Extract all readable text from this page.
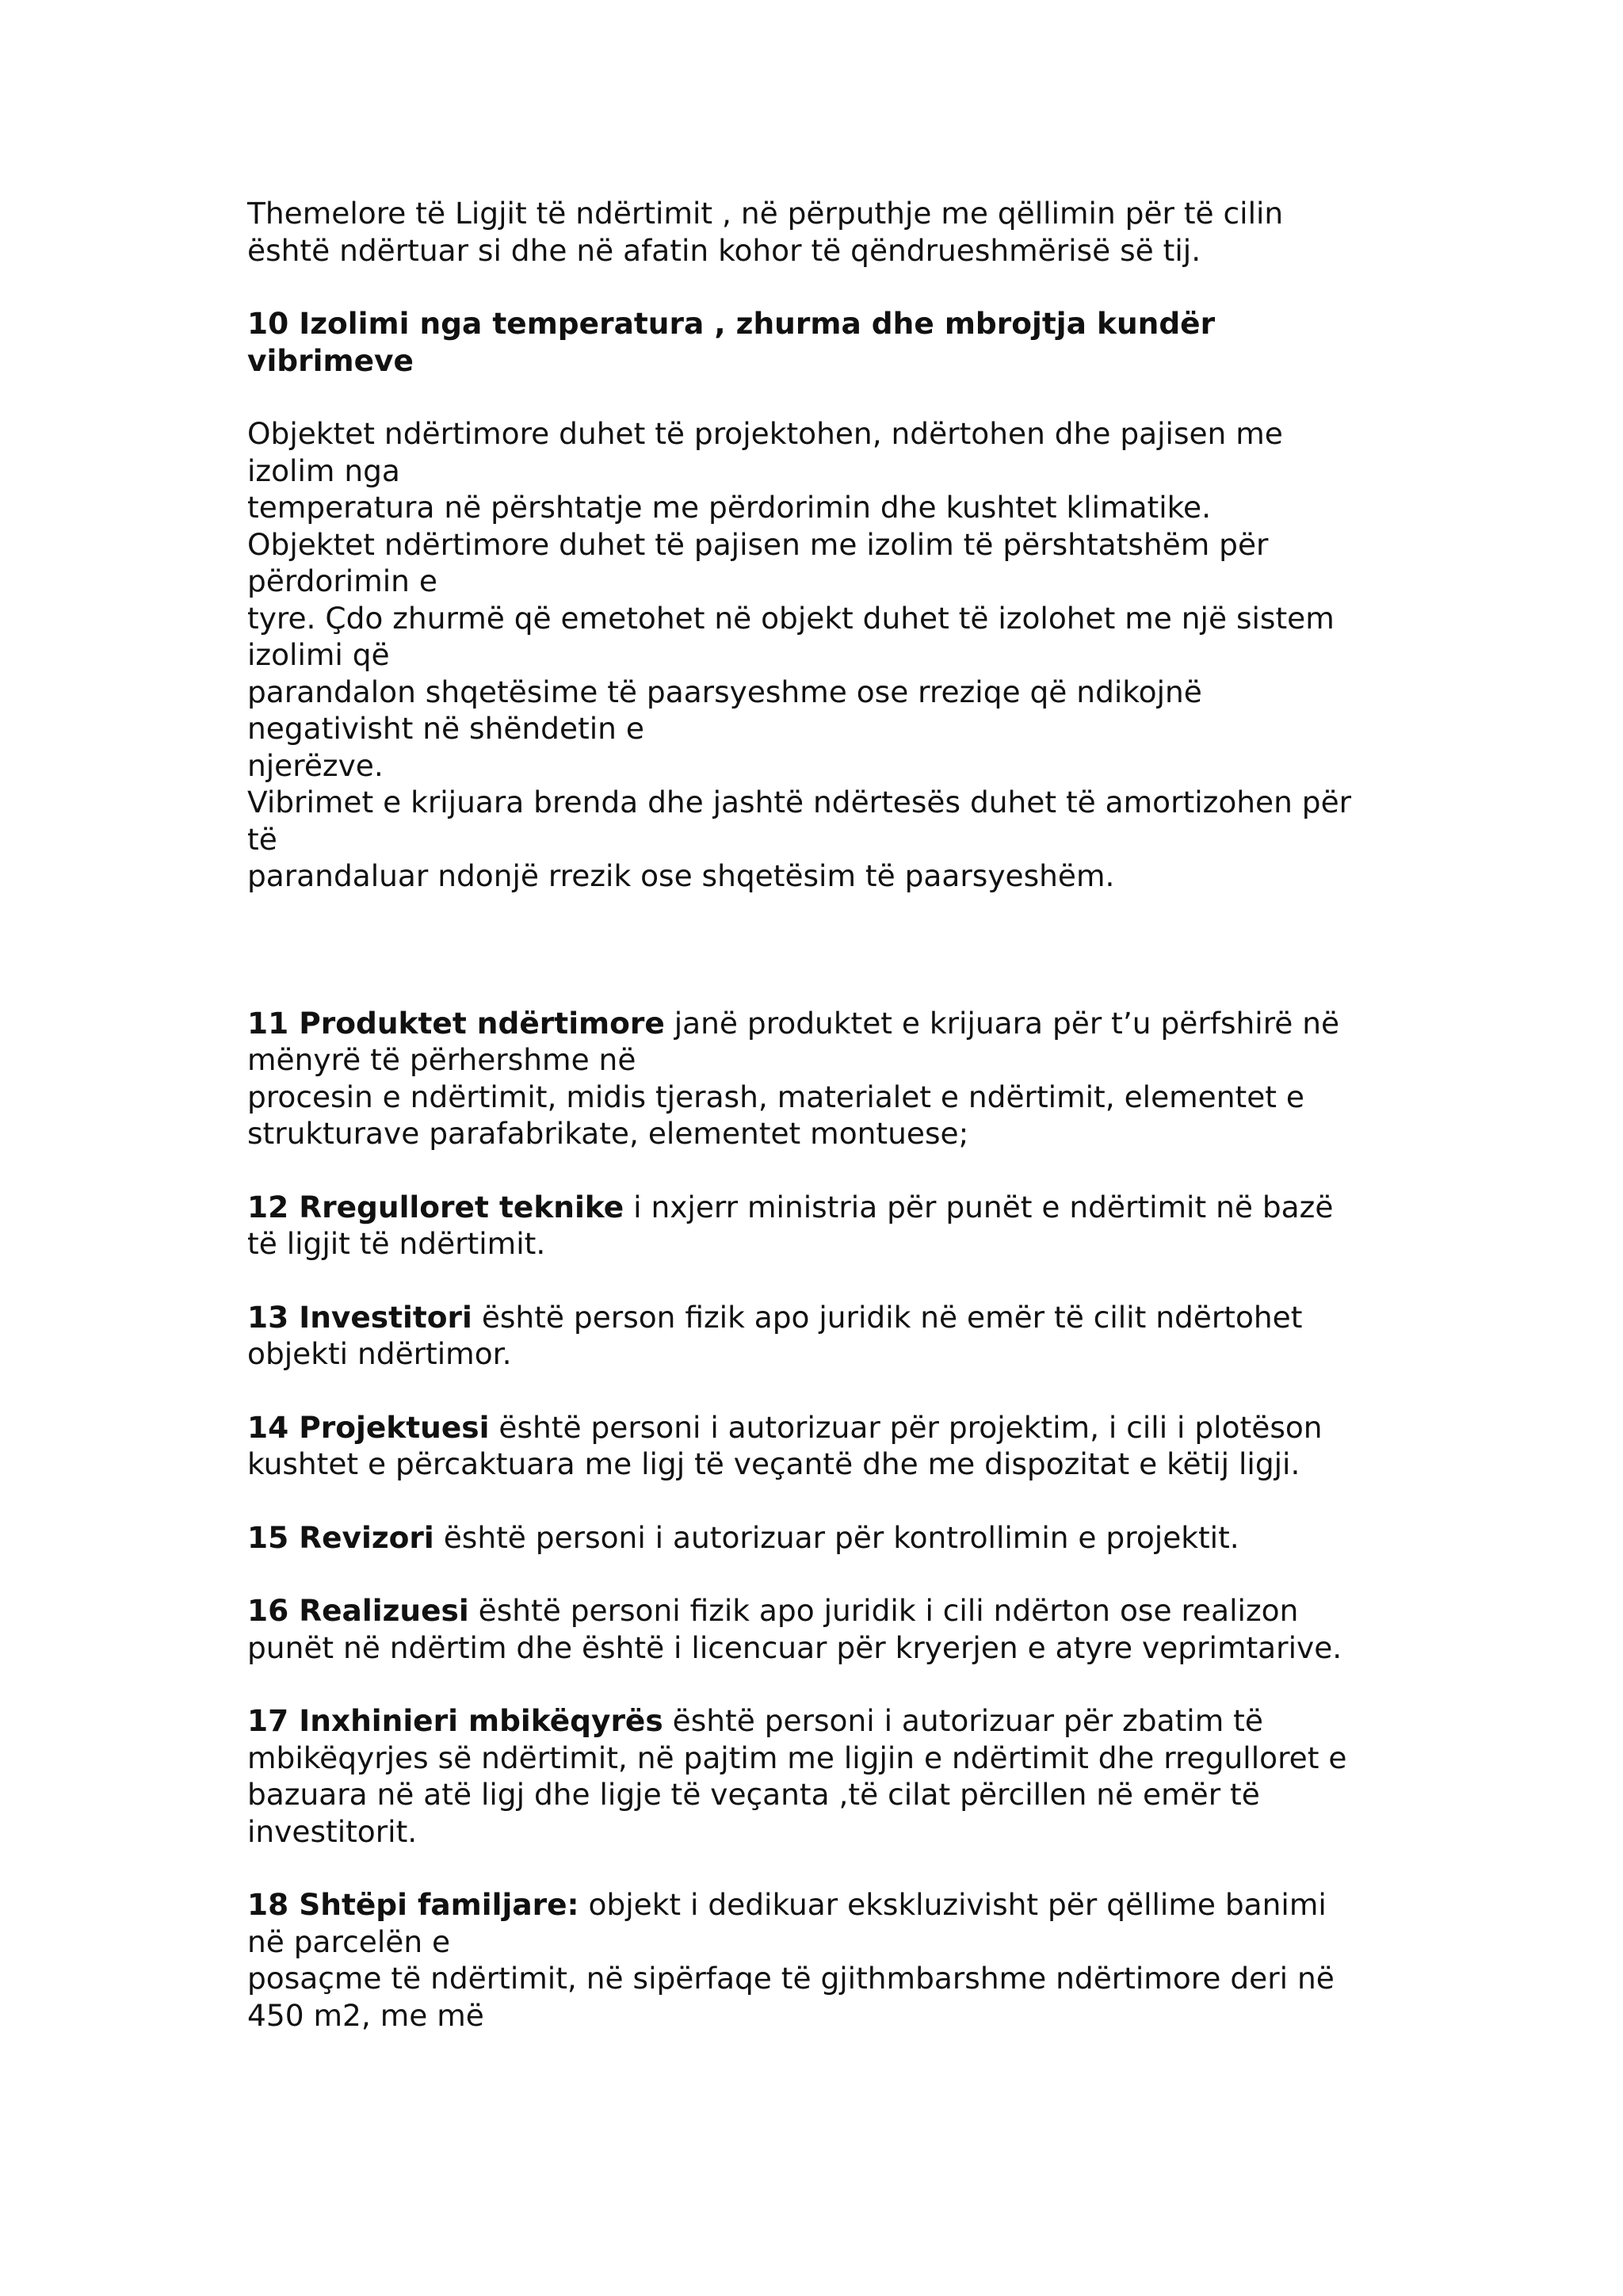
Themelore të Ligjit të ndërtimit , në përputhje me qëllimin për të cilin
është ndërtuar si dhe në afatin kohor të qëndrueshmërisë së tij.
10 Izolimi nga temperatura , zhurma dhe mbrojtja kundër
vibrimeve
Objektet ndërtimore duhet të projektohen, ndërtohen dhe pajisen me
izolim nga
temperatura në përshtatje me përdorimin dhe kushtet klimatike.
Objektet ndërtimore duhet të pajisen me izolim të përshtatshëm për
përdorimin e
tyre. Çdo zhurmë që emetohet në objekt duhet të izolohet me një sistem
izolimi që
parandalon shqetësime të paarsyeshme ose rreziqe që ndikojnë
negativisht në shëndetin e
njerëzve.
Vibrimet e krijuara brenda dhe jashtë ndërtesës duhet të amortizohen për
të
parandaluar ndonjë rrezik ose shqetësim të paarsyeshëm.
11 Produktet ndërtimore janë produktet e krijuara për t’u përfshirë në
mënyrë të përhershme në
procesin e ndërtimit, midis tjerash, materialet e ndërtimit, elementet e
strukturave parafabrikate, elementet montuese;
12 Rregulloret teknike i nxjerr ministria për punët e ndërtimit në bazë
të ligjit të ndërtimit.
13 Investitori është person fizik apo juridik në emër të cilit ndërtohet
objekti ndërtimor.
14 Projektuesi është personi i autorizuar për projektim, i cili i plotëson
kushtet e përcaktuara me ligj të veçantë dhe me dispozitat e këtij ligji.
15 Revizori është personi i autorizuar për kontrollimin e projektit.
16 Realizuesi është personi fizik apo juridik i cili ndërton ose realizon
punët në ndërtim dhe është i licencuar për kryerjen e atyre veprimtarive.
17 Inxhinieri mbikëqyrës është personi i autorizuar për zbatim të
mbikëqyrjes së ndërtimit, në pajtim me ligjin e ndërtimit dhe rregulloret e
bazuara në atë ligj dhe ligje të veçanta ,të cilat përcillen në emër të
investitorit.
18 Shtëpi familjare: objekt i dedikuar ekskluzivisht për qëllime banimi
në parcelën e
posaçme të ndërtimit, në sipërfaqe të gjithmbarshme ndërtimore deri në
450 m2, me më
